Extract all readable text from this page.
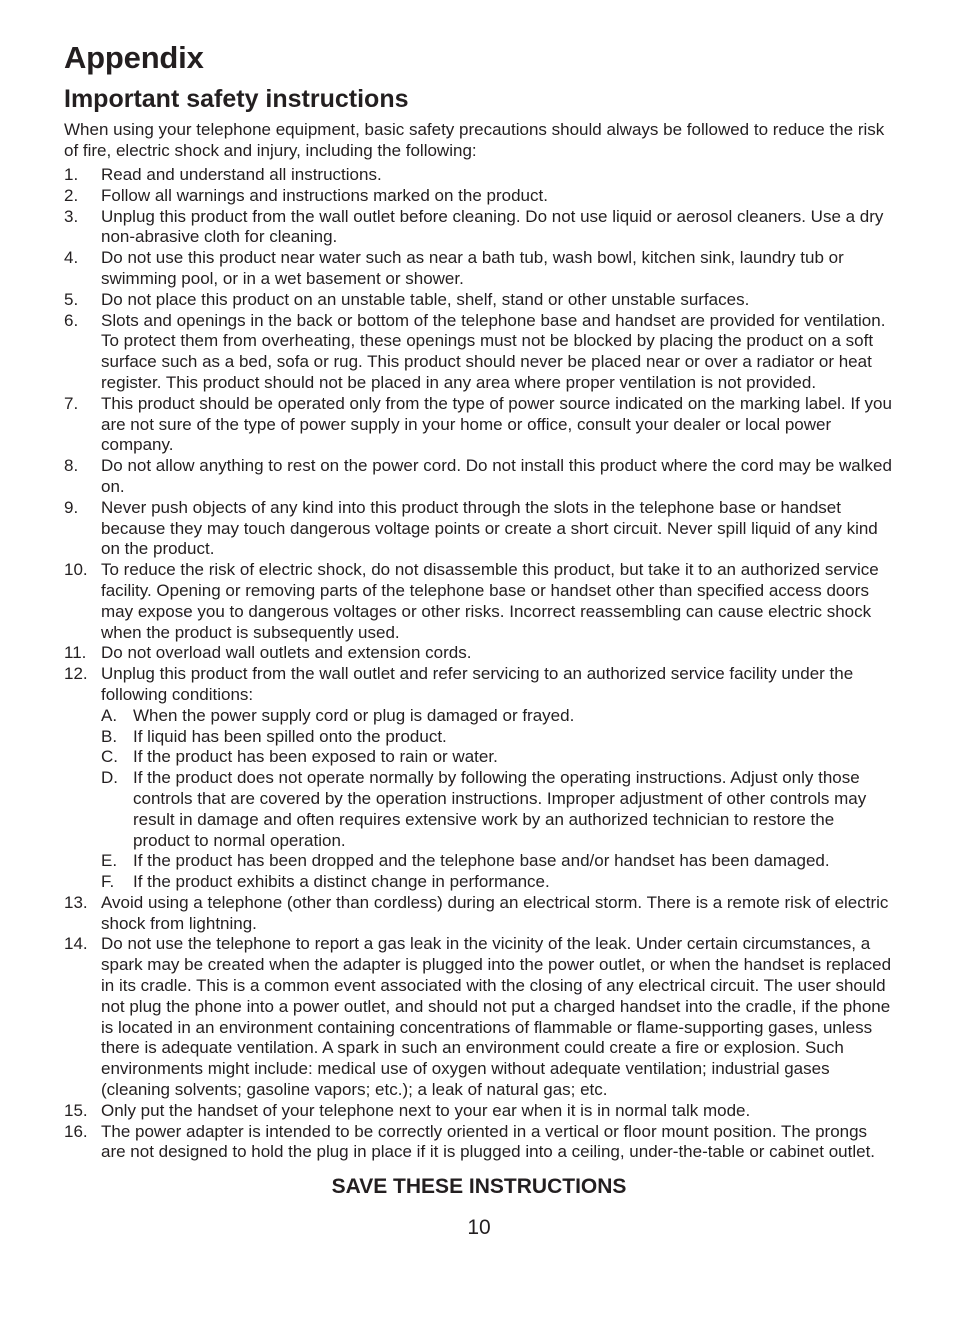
Appendix
Important safety instructions

When using your telephone equipment, basic safety precautions should always be followed to reduce the risk of fire, electric shock and injury, including the following:

1. Read and understand all instructions.
2. Follow all warnings and instructions marked on the product.
3. Unplug this product from the wall outlet before cleaning. Do not use liquid or aerosol cleaners. Use a dry non-abrasive cloth for cleaning.
4. Do not use this product near water such as near a bath tub, wash bowl, kitchen sink, laundry tub or swimming pool, or in a wet basement or shower.
5. Do not place this product on an unstable table, shelf, stand or other unstable surfaces.
6. Slots and openings in the back or bottom of the telephone base and handset are provided for ventilation. To protect them from overheating, these openings must not be blocked by placing the product on a soft surface such as a bed, sofa or rug. This product should never be placed near or over a radiator or heat register. This product should not be placed in any area where proper ventilation is not provided.
7. This product should be operated only from the type of power source indicated on the marking label. If you are not sure of the type of power supply in your home or office, consult your dealer or local power company.
8. Do not allow anything to rest on the power cord. Do not install this product where the cord may be walked on.
9. Never push objects of any kind into this product through the slots in the telephone base or handset because they may touch dangerous voltage points or create a short circuit. Never spill liquid of any kind on the product.
10. To reduce the risk of electric shock, do not disassemble this product, but take it to an authorized service facility. Opening or removing parts of the telephone base or handset other than specified access doors may expose you to dangerous voltages or other risks. Incorrect reassembling can cause electric shock when the product is subsequently used.
11. Do not overload wall outlets and extension cords.
12. Unplug this product from the wall outlet and refer servicing to an authorized service facility under the following conditions:
A. When the power supply cord or plug is damaged or frayed.
B. If liquid has been spilled onto the product.
C. If the product has been exposed to rain or water.
D. If the product does not operate normally by following the operating instructions. Adjust only those controls that are covered by the operation instructions. Improper adjustment of other controls may result in damage and often requires extensive work by an authorized technician to restore the product to normal operation.
E. If the product has been dropped and the telephone base and/or handset has been damaged.
F. If the product exhibits a distinct change in performance.
13. Avoid using a telephone (other than cordless) during an electrical storm. There is a remote risk of electric shock from lightning.
14. Do not use the telephone to report a gas leak in the vicinity of the leak. Under certain circumstances, a spark may be created when the adapter is plugged into the power outlet, or when the handset is replaced in its cradle. This is a common event associated with the closing of any electrical circuit. The user should not plug the phone into a power outlet, and should not put a charged handset into the cradle, if the phone is located in an environment containing concentrations of flammable or flame-supporting gases, unless there is adequate ventilation. A spark in such an environment could create a fire or explosion. Such environments might include: medical use of oxygen without adequate ventilation; industrial gases (cleaning solvents; gasoline vapors; etc.); a leak of natural gas; etc.
15. Only put the handset of your telephone next to your ear when it is in normal talk mode.
16. The power adapter is intended to be correctly oriented in a vertical or floor mount position. The prongs are not designed to hold the plug in place if it is plugged into a ceiling, under-the-table or cabinet outlet.
SAVE THESE INSTRUCTIONS
10
